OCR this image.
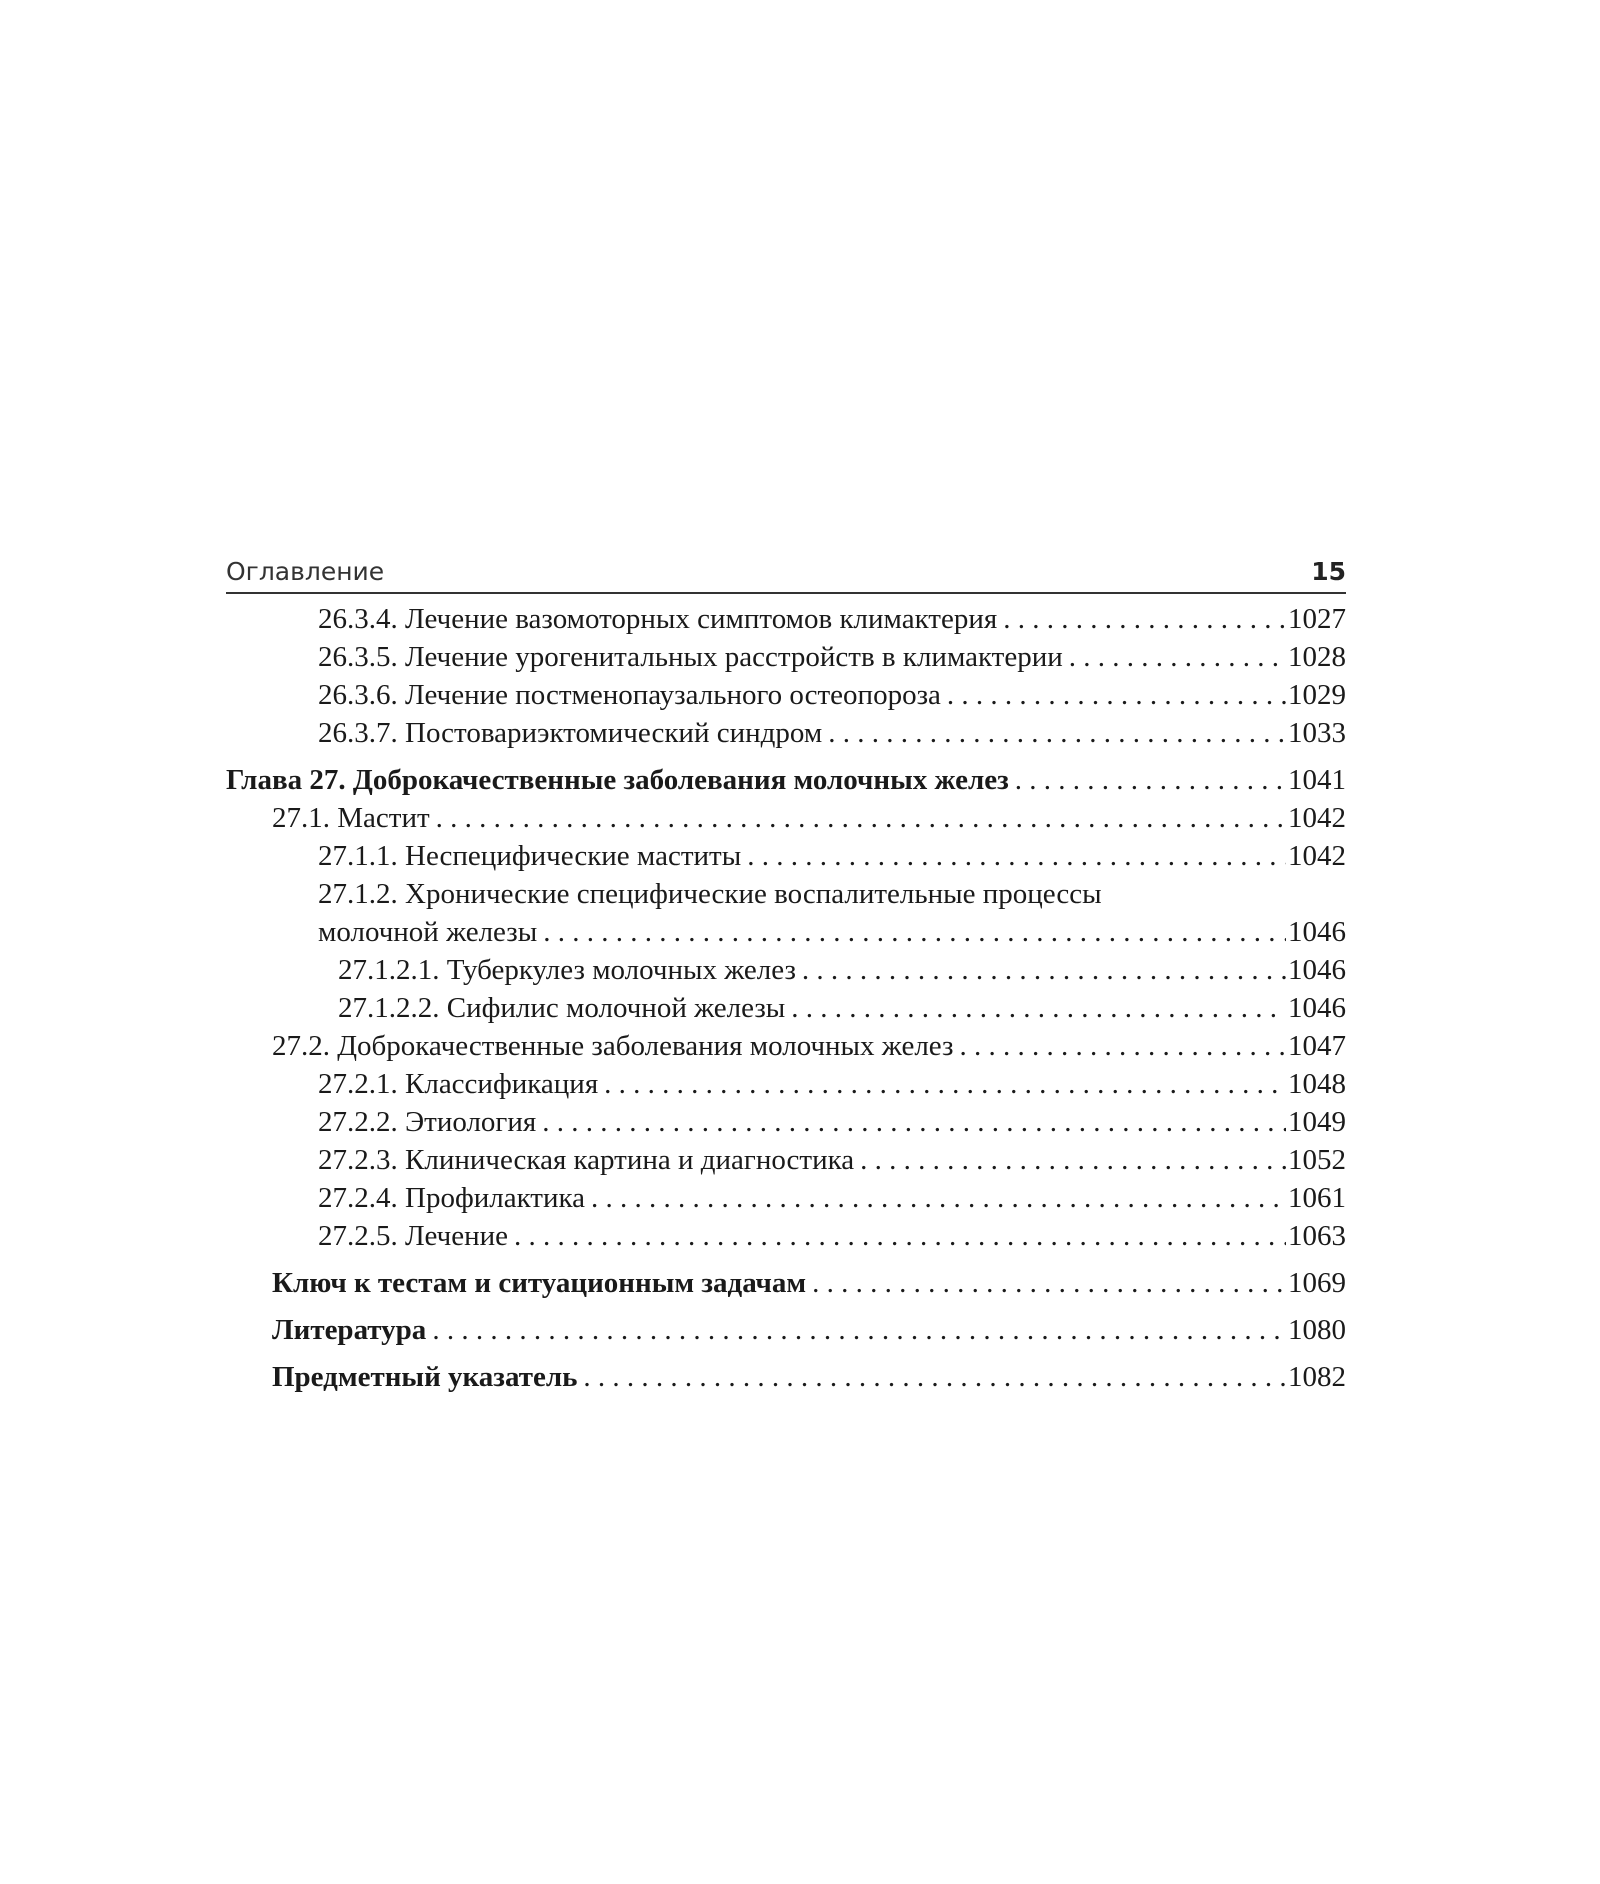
Оглавление	15
26.3.4. Лечение вазомоторных симптомов климактерия . . .	1027
26.3.5. Лечение урогенитальных расстройств в климактерии . . .	1028
26.3.6. Лечение постменопаузального остеопороза . . .	1029
26.3.7. Постовариэктомический синдром . . .	1033
Глава 27. Доброкачественные заболевания молочных желез . . .	1041
27.1. Мастит . . .	1042
27.1.1. Неспецифические маститы . . .	1042
27.1.2. Хронические специфические воспалительные процессы
молочной железы . . .	1046
27.1.2.1. Туберкулез молочных желез . . .	1046
27.1.2.2. Сифилис молочной железы . . .	1046
27.2. Доброкачественные заболевания молочных желез . . .	1047
27.2.1. Классификация . . .	1048
27.2.2. Этиология . . .	1049
27.2.3. Клиническая картина и диагностика . . .	1052
27.2.4. Профилактика . . .	1061
27.2.5. Лечение . . .	1063
Ключ к тестам и ситуационным задачам . . .	1069
Литература . . .	1080
Предметный указатель . . .	1082
